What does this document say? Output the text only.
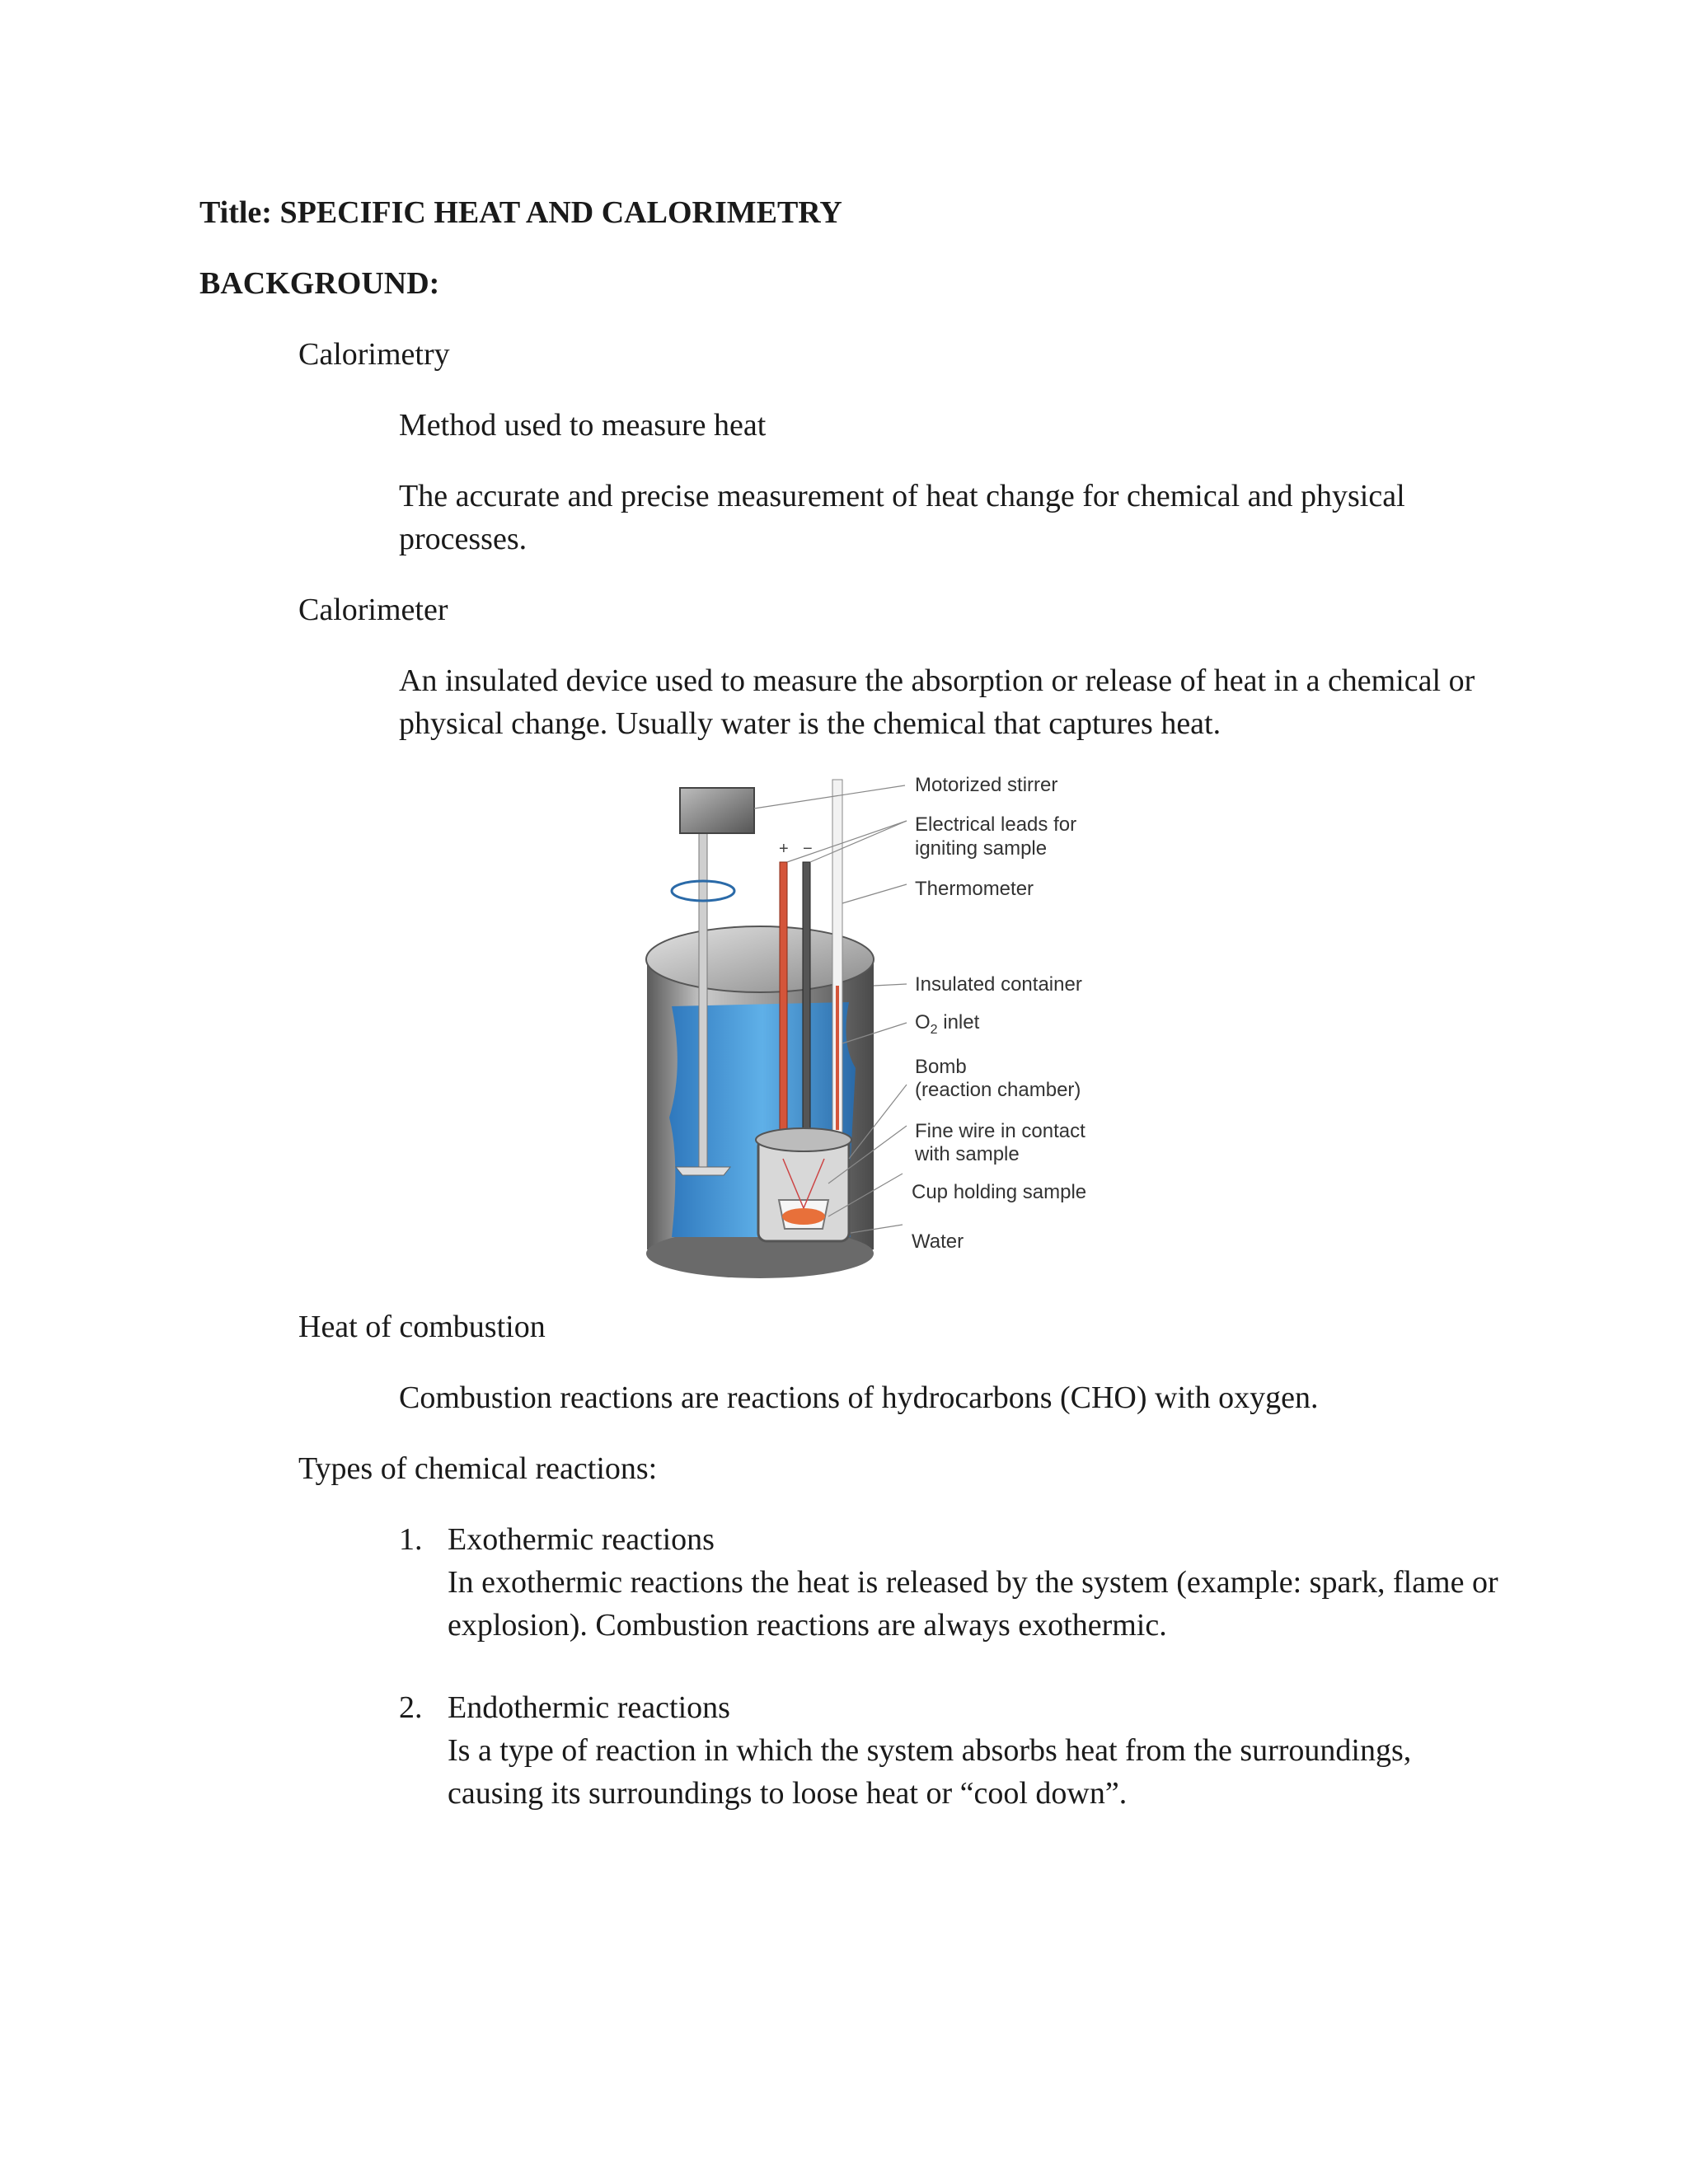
Title: SPECIFIC HEAT AND CALORIMETRY
BACKGROUND:
Calorimetry
Method used to measure heat
The accurate and precise measurement of heat change for chemical and physical processes.
Calorimeter
An insulated device used to measure the absorption or release of heat in a chemical or physical change. Usually water is the chemical that captures heat.
+ −
Motorized stirrer
Electrical leads for
igniting sample
Thermometer
Insulated container
$O_2$ inlet
Bomb
(reaction chamber)
Fine wire in contact
with sample
Cup holding sample
Water
Heat of combustion
Combustion reactions are reactions of hydrocarbons (CHO) with oxygen.
Types of chemical reactions:
1. Exothermic reactions
In exothermic reactions the heat is released by the system (example: spark, flame or explosion). Combustion reactions are always exothermic.
2. Endothermic reactions
Is a type of reaction in which the system absorbs heat from the surroundings, causing its surroundings to loose heat or “cool down”.
